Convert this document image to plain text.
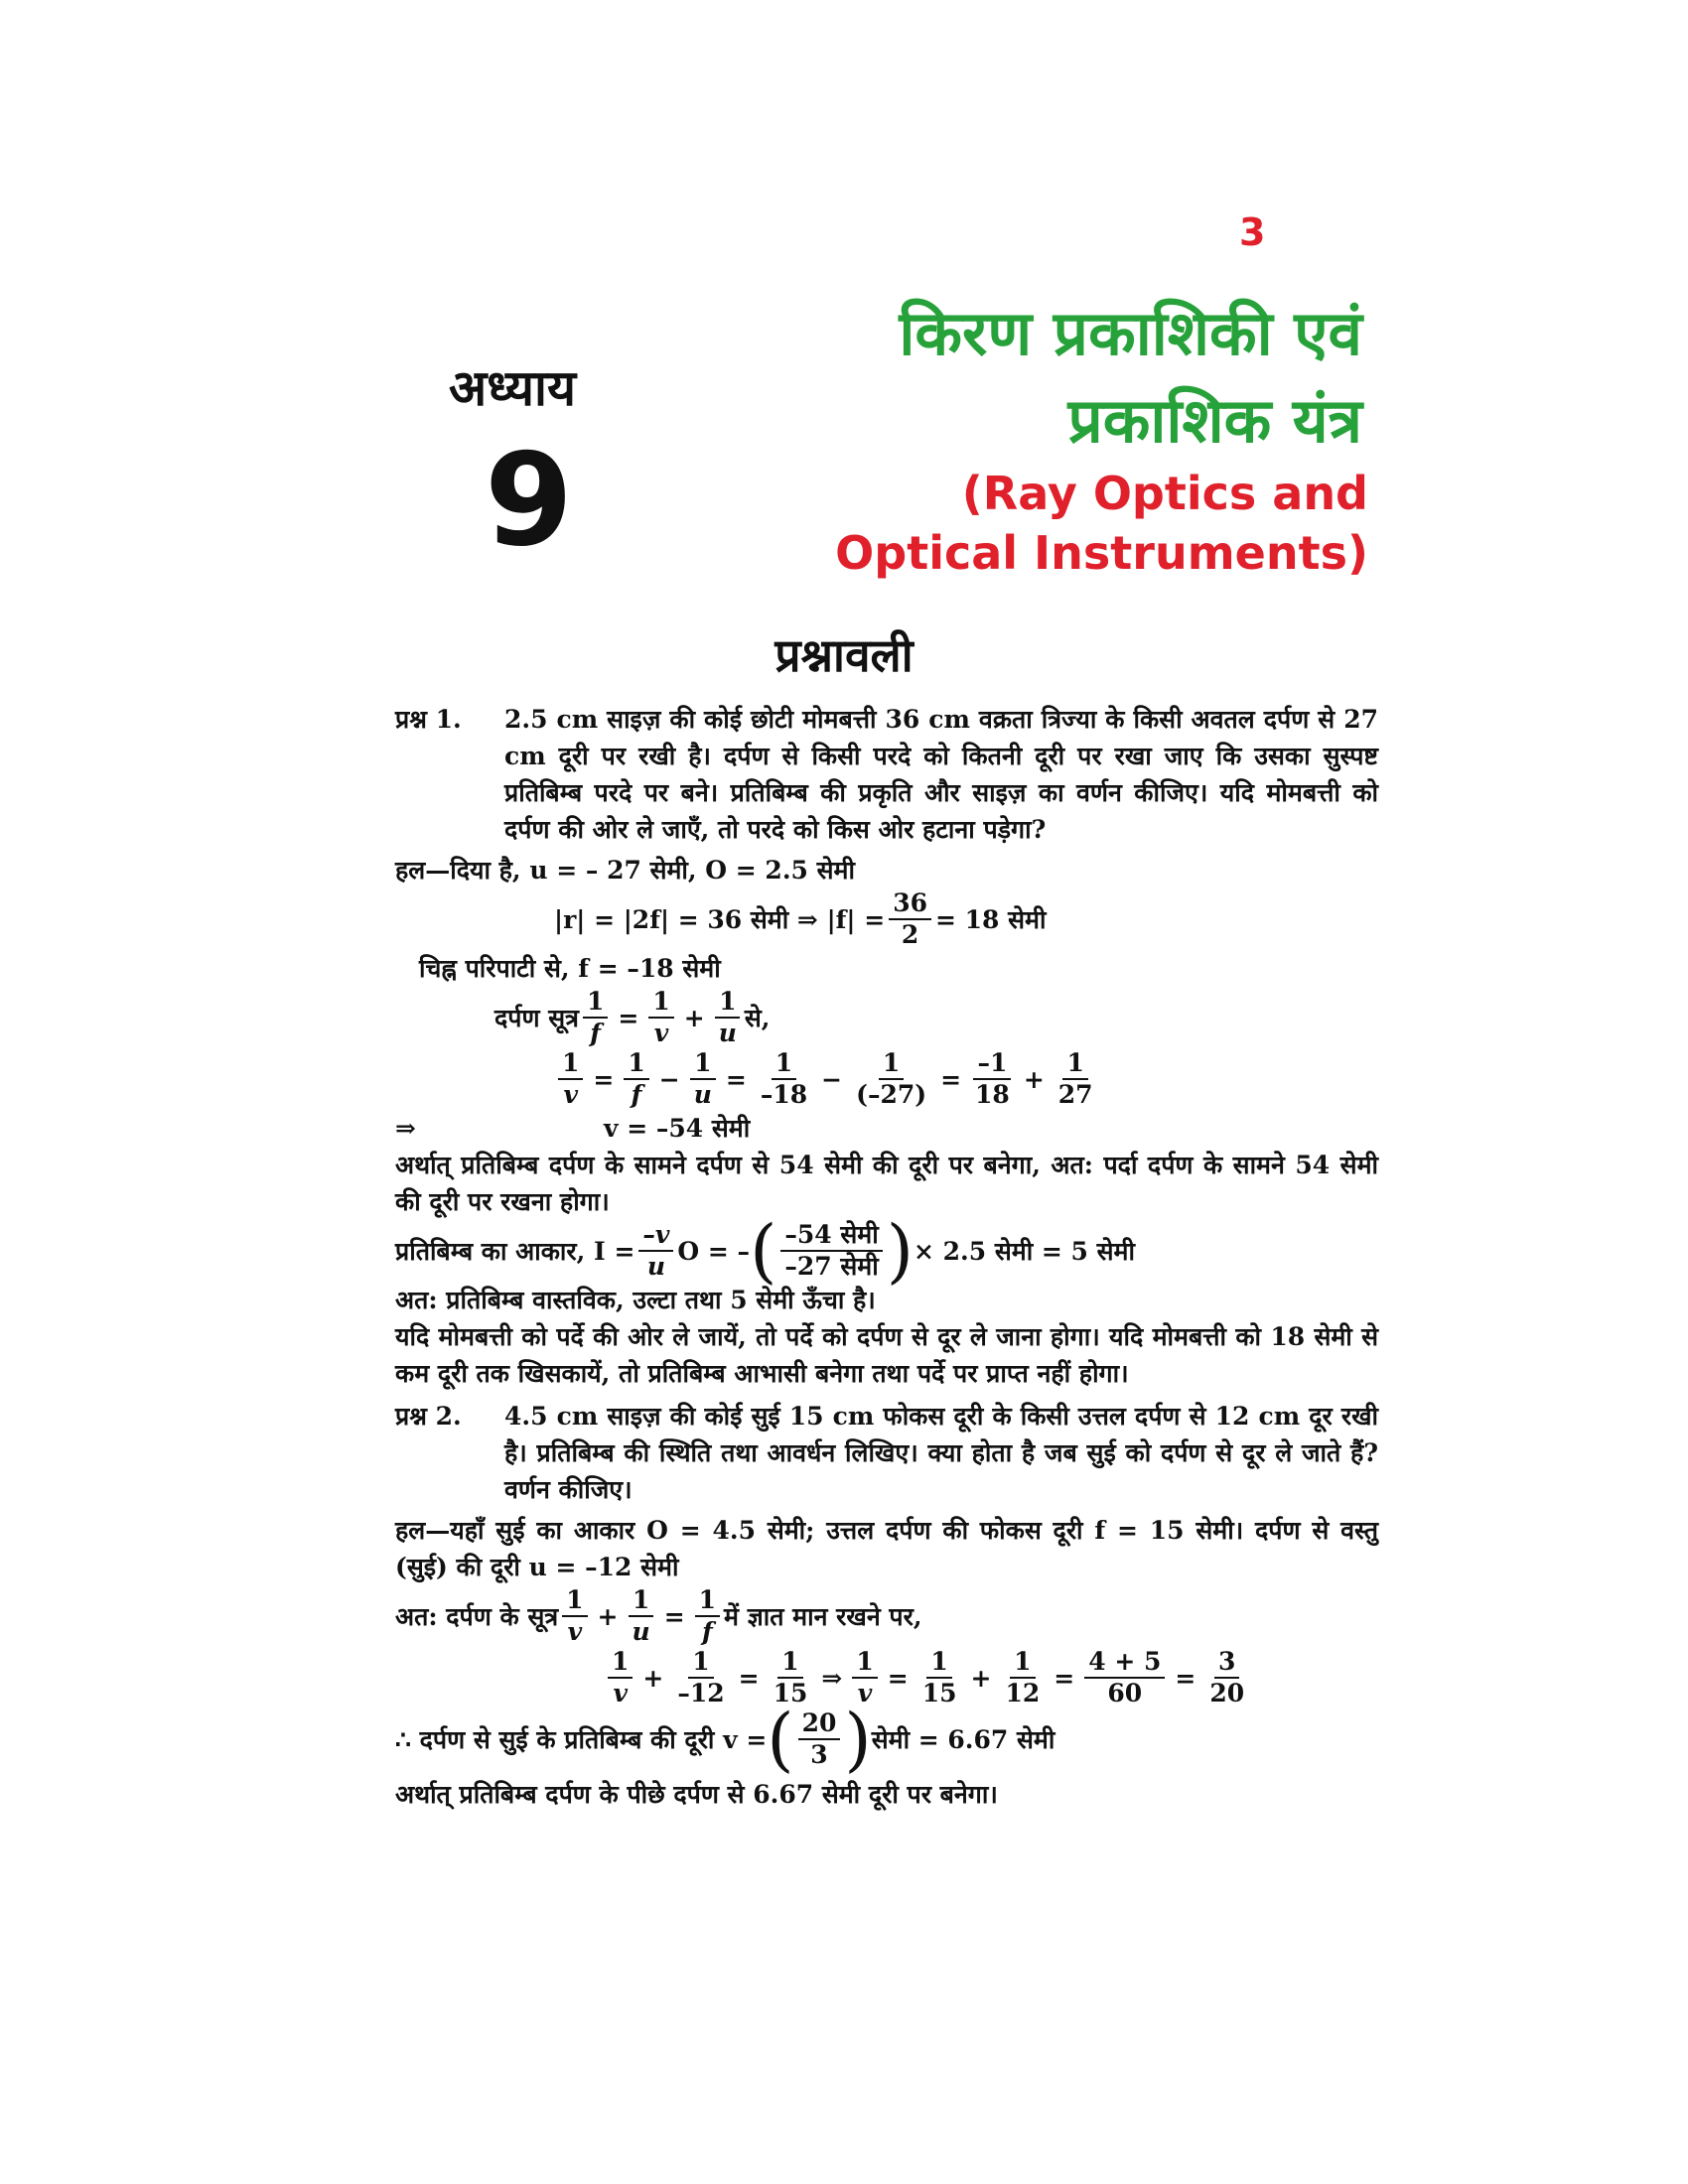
3
किरण प्रकाशिकी एवं
प्रकाशिक यंत्र
(Ray Optics and
Optical Instruments)
अध्याय
9
प्रश्नावली
प्रश्न 1.	2.5 cm साइज़ की कोई छोटी मोमबत्ती 36 cm वक्रता त्रिज्या के किसी अवतल दर्पण से 27 cm दूरी पर रखी है। दर्पण से किसी परदे को कितनी दूरी पर रखा जाए कि उसका सुस्पष्ट प्रतिबिम्ब परदे पर बने। प्रतिबिम्ब की प्रकृति और साइज़ का वर्णन कीजिए। यदि मोमबत्ती को दर्पण की ओर ले जाएँ, तो परदे को किस ओर हटाना पड़ेगा?

हल—दिया है, u = – 27 सेमी, O = 2.5 सेमी

|r| = |2f| = 36 सेमी ⇒ $|f| = \frac{36}{2} = 18$ सेमी

चिह्न परिपाटी से, f = –18 सेमी

दर्पण सूत्र $\frac{1}{f} = \frac{1}{v} + \frac{1}{u}$ से,
$\frac{1}{v} = \frac{1}{f} - \frac{1}{u} = \frac{1}{-18} - \frac{1}{(-27)} = \frac{-1}{18} + \frac{1}{27}$
⇒	v = –54 सेमी

अर्थात् प्रतिबिम्ब दर्पण के सामने दर्पण से 54 सेमी की दूरी पर बनेगा, अत: पर्दा दर्पण के सामने 54 सेमी की दूरी पर रखना होगा।

प्रतिबिम्ब का आकार, $I = \frac{-v}{u}$ O = – ( –54 सेमी
–27 सेमी ) × 2.5 सेमी = 5 सेमी

अत: प्रतिबिम्ब वास्तविक, उल्टा तथा 5 सेमी ऊँचा है।

यदि मोमबत्ती को पर्दे की ओर ले जायें, तो पर्दे को दर्पण से दूर ले जाना होगा। यदि मोमबत्ती को 18 सेमी से कम दूरी तक खिसकायें, तो प्रतिबिम्ब आभासी बनेगा तथा पर्दे पर प्राप्त नहीं होगा।

प्रश्न 2.	4.5 cm साइज़ की कोई सुई 15 cm फोकस दूरी के किसी उत्तल दर्पण से 12 cm दूर रखी है। प्रतिबिम्ब की स्थिति तथा आवर्धन लिखिए। क्या होता है जब सुई को दर्पण से दूर ले जाते हैं? वर्णन कीजिए।

हल—यहाँ सुई का आकार O = 4.5 सेमी; उत्तल दर्पण की फोकस दूरी f = 15 सेमी। दर्पण से वस्तु (सुई) की दूरी u = –12 सेमी

अत: दर्पण के सूत्र
1
v
+ $\frac{1}{u} = \frac{1}{f}$ में ज्ञात मान रखने पर,
1
v
+ $\frac{1}{-12} = \frac{1}{15}$ ⇒ $\frac{1}{v} = \frac{1}{15} + \frac{1}{12} = \frac{4 + 5}{60} = \frac{3}{20}$
∴ दर्पण से सुई के प्रतिबिम्ब की दूरी v = ( 20
3 ) सेमी = 6.67 सेमी

अर्थात् प्रतिबिम्ब दर्पण के पीछे दर्पण से 6.67 सेमी दूरी पर बनेगा।
